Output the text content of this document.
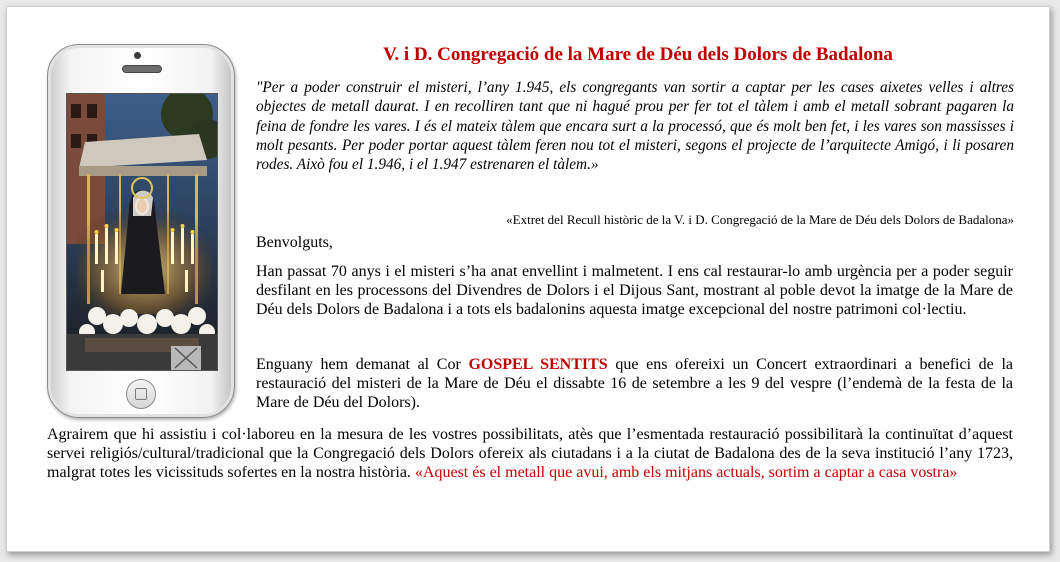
V. i D. Congregació de la Mare de Déu dels Dolors de Badalona

"Per a poder construir el misteri, l’any 1.945, els congregants van sortir a captar per les cases aixetes velles i altres objectes de metall daurat. I en recolliren tant que ni hagué prou per fer tot el tàlem i amb el metall sobrant pagaren la feina de fondre les vares. I és el mateix tàlem que encara surt a la processó, que és molt ben fet, i les vares son massisses i molt pesants. Per poder portar aquest tàlem feren nou tot el misteri, segons el projecte de l’arquitecte Amigó, i li posaren rodes. Això fou el 1.946, i el 1.947 estrenaren el tàlem.»

«Extret del Recull històric de la V. i D. Congregació de la Mare de Déu dels Dolors de Badalona»

Benvolguts,

Han passat 70 anys i el misteri s’ha anat envellint i malmetent. I ens cal restaurar-lo amb urgència per a poder seguir desfilant en les processons del Divendres de Dolors i el Dijous Sant, mostrant al poble devot la imatge de la Mare de Déu dels Dolors de Badalona i a tots els badalonins aquesta imatge excepcional del nostre patrimoni col·lectiu.

Enguany hem demanat al Cor GOSPEL SENTITS que ens ofereixi un Concert extraordinari a benefici de la restauració del misteri de la Mare de Déu el dissabte 16 de setembre a les 9 del vespre (l’endemà de la festa de la Mare de Déu del Dolors).

Agrairem que hi assistiu i col·laboreu en la mesura de les vostres possibilitats, atès que l’esmentada restauració possibilitarà la continuïtat d’aquest servei religiós/cultural/tradicional que la Congregació dels Dolors ofereix als ciutadans i a la ciutat de Badalona des de la seva institució l’any 1723, malgrat totes les vicissituds sofertes en la nostra història. «Aquest és el metall que avui, amb els mitjans actuals, sortim a captar a casa vostra»
